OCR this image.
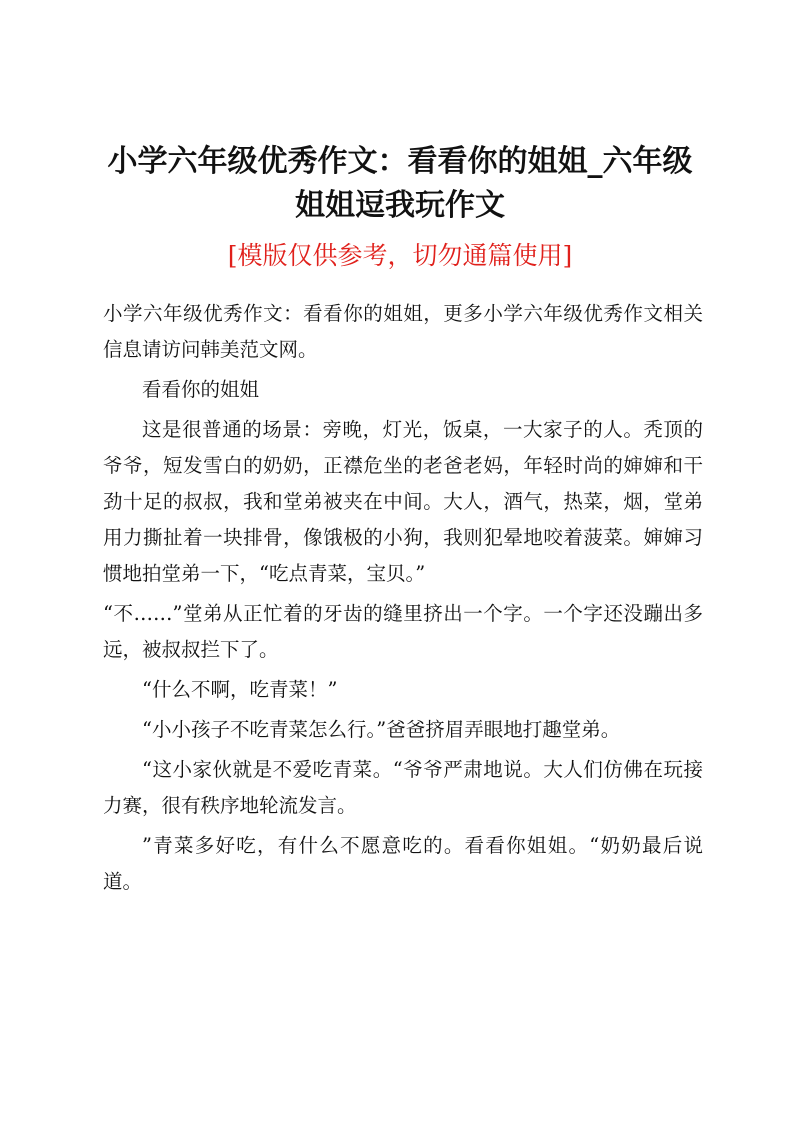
小学六年级优秀作文：看看你的姐姐_六年级姐姐逗我玩作文
[模版仅供参考，切勿通篇使用]

小学六年级优秀作文：看看你的姐姐，更多小学六年级优秀作文相关信息请访问韩美范文网。

看看你的姐姐

这是很普通的场景：旁晚，灯光，饭桌，一大家子的人。秃顶的爷爷，短发雪白的奶奶，正襟危坐的老爸老妈，年轻时尚的婶婶和干劲十足的叔叔，我和堂弟被夹在中间。大人，酒气，热菜，烟，堂弟用力撕扯着一块排骨，像饿极的小狗，我则犯晕地咬着菠菜。婶婶习惯地拍堂弟一下，“吃点青菜，宝贝。”

“不……”堂弟从正忙着的牙齿的缝里挤出一个字。一个字还没蹦出多远，被叔叔拦下了。

“什么不啊，吃青菜！”

“小小孩子不吃青菜怎么行。”爸爸挤眉弄眼地打趣堂弟。

“这小家伙就是不爱吃青菜。“爷爷严肃地说。大人们仿佛在玩接力赛，很有秩序地轮流发言。

”青菜多好吃，有什么不愿意吃的。看看你姐姐。“奶奶最后说道。
